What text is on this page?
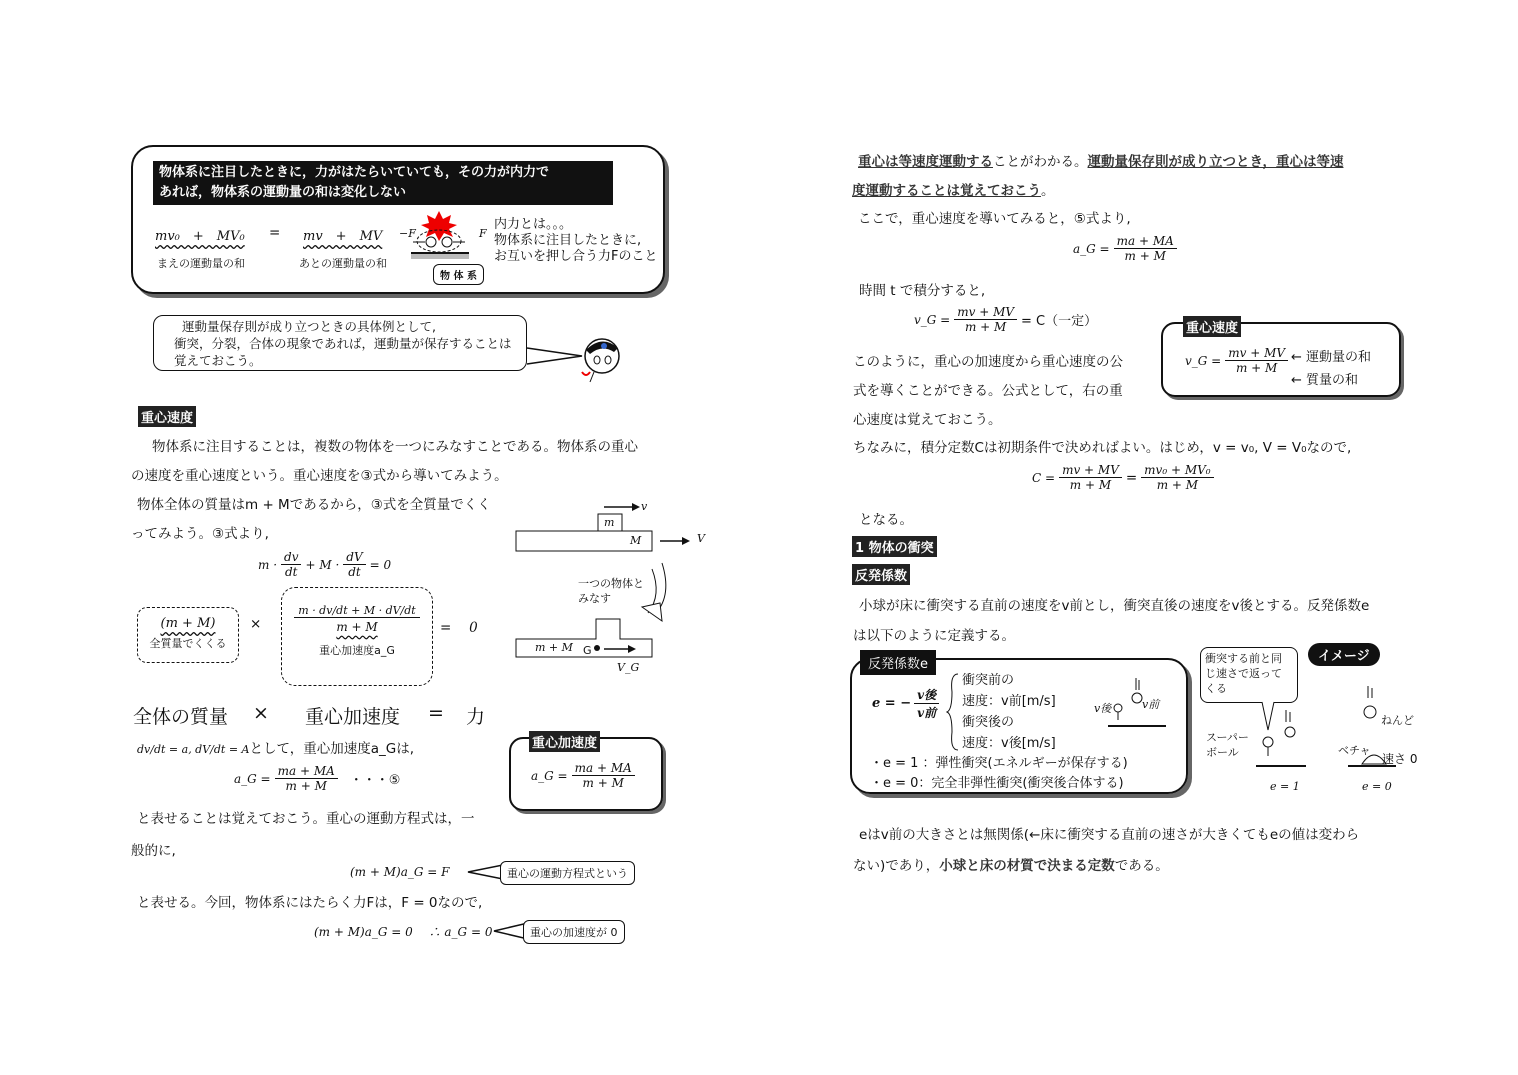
物体系に注目したときに，力がはたらいていても，その力が内力で
あれば，物体系の運動量の和は変化しない
mv₀　+　MV₀ = mv　+　MV
まえの運動量の和	あとの運動量の和
−F	F
物 体 系
内力とは。。。
物体系に注目したときに,
お互いを押し合う力Fのこと
運動量保存則が成り立つときの具体例として,
衝突，分裂，合体の現象であれば，運動量が保存することは
覚えておこう。
重心速度
物体系に注目することは，複数の物体を一つにみなすことである。物体系の重心
の速度を重心速度という。重心速度を③式から導いてみよう。
物体全体の質量はm + Mであるから，③式を全質量でくく
ってみよう。③式より,
$m \cdot \frac{dv}{dt} + M \cdot \frac{dV}{dt} = 0$
(m + M)
全質量でくくる
×
m · dv/dt + M · dV/dt
m + M
重心加速度a_G
=　 0
全体の質量	×	重心加速度	=	力
dv/dt = a, dV/dt = Aとして，重心加速度a_Gは,
a_G = $\frac{ma + MA}{m + M}$ ・・・⑤
と表せることは覚えておこう。重心の運動方程式は，一
般的に,
(m + M)a_G = F	重心の運動方程式という
と表せる。今回，物体系にはたらく力Fは，F = 0なので,
(m + M)a_G = 0　 ∴ a_G = 0	重心の加速度が 0
重心加速度
a_G = $\frac{ma + MA}{m + M}$
v
m
M	V
一つの物体と
みなす
m + M G
V_G
重心は等速度運動することがわかる。運動量保存則が成り立つとき，重心は等速
度運動することは覚えておこう。
ここで，重心速度を導いてみると，⑤式より,
a_G = $\frac{ma + MA}{m + M}$
時間 t で積分すると,
v_G = $\frac{mv + MV}{m + M} = C$（一定）
このように，重心の加速度から重心速度の公
式を導くことができる。公式として，右の重
心速度は覚えておこう。
重心速度
v_G = $\frac{mv + MV}{m + M}$ ← 運動量の和
← 質量の和
ちなみに，積分定数Cは初期条件で決めればよい。はじめ，v = v₀, V = V₀なので,
$C = \frac{mv + MV}{m + M} = \frac{\text{mv₀ + MV₀}}{m + M}$
となる。
1 物体の衝突
反発係数
小球が床に衝突する直前の速度をv前とし，衝突直後の速度をv後とする。反発係数e
は以下のように定義する。
反発係数e
e = − $\frac{\text{v後}}{\text{v前}}$
衝突前の
速度：v前[m/s]
衝突後の
速度：v後[m/s]
v後	v前
・e = 1 ：弾性衝突(エネルギーが保存する)
・e = 0：完全非弾性衝突(衝突後合体する)
イメージ
衝突する前と同
じ速さで返って
くる
スーパー
ボール
e = 1
ねんど
ベチャ
速さ 0
e = 0
eはv前の大きさとは無関係(←床に衝突する直前の速さが大きくてもeの値は変わら
ない)であり，小球と床の材質で決まる定数である。
